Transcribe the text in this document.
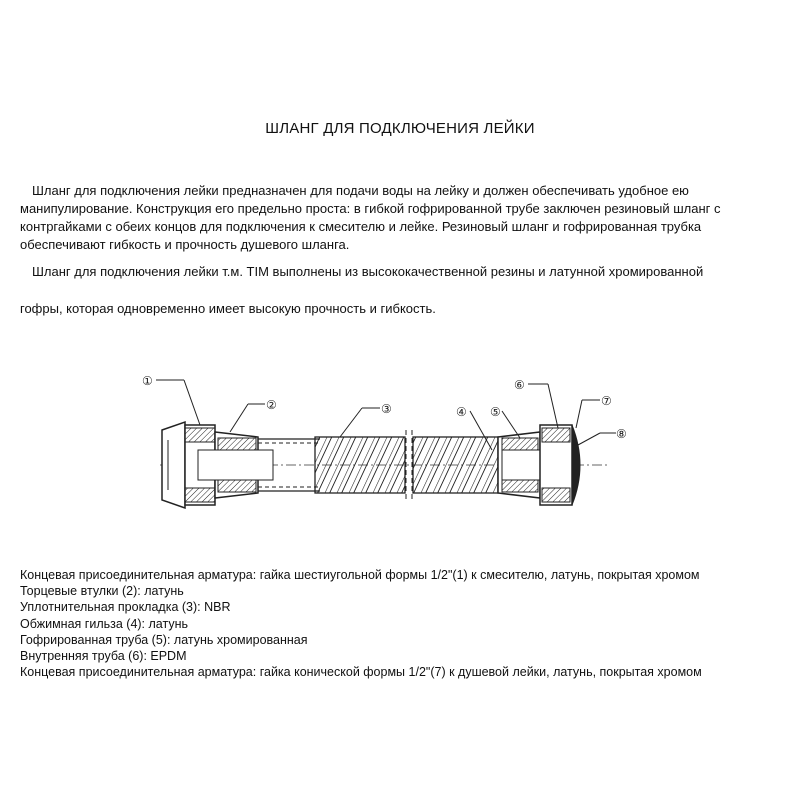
ШЛАНГ ДЛЯ ПОДКЛЮЧЕНИЯ ЛЕЙКИ
Шланг для подключения лейки предназначен для подачи воды на лейку и должен обеспечивать удобное ею манипулирование. Конструкция его предельно проста: в гибкой гофрированной трубе заключен резиновый шланг с контргайками с обеих концов для подключения к смесителю и лейке. Резиновый шланг и гофрированная трубка обеспечивают гибкость и прочность душевого шланга.
Шланг для подключения лейки т.м. TIM выполнены из высококачественной резины и латунной хромированной
гофры, которая одновременно имеет высокую прочность и гибкость.
①
②	③	④ ⑤
⑥
⑦
⑧
Концевая присоединительная арматура: гайка шестиугольной формы 1/2"(1) к смесителю, латунь, покрытая хромом
Торцевые втулки (2): латунь
Уплотнительная прокладка (3): NBR
Обжимная гильза (4): латунь
Гофрированная труба (5): латунь хромированная
Внутренняя труба (6): EPDM
Концевая присоединительная арматура: гайка конической формы 1/2"(7) к душевой лейки, латунь, покрытая хромом
